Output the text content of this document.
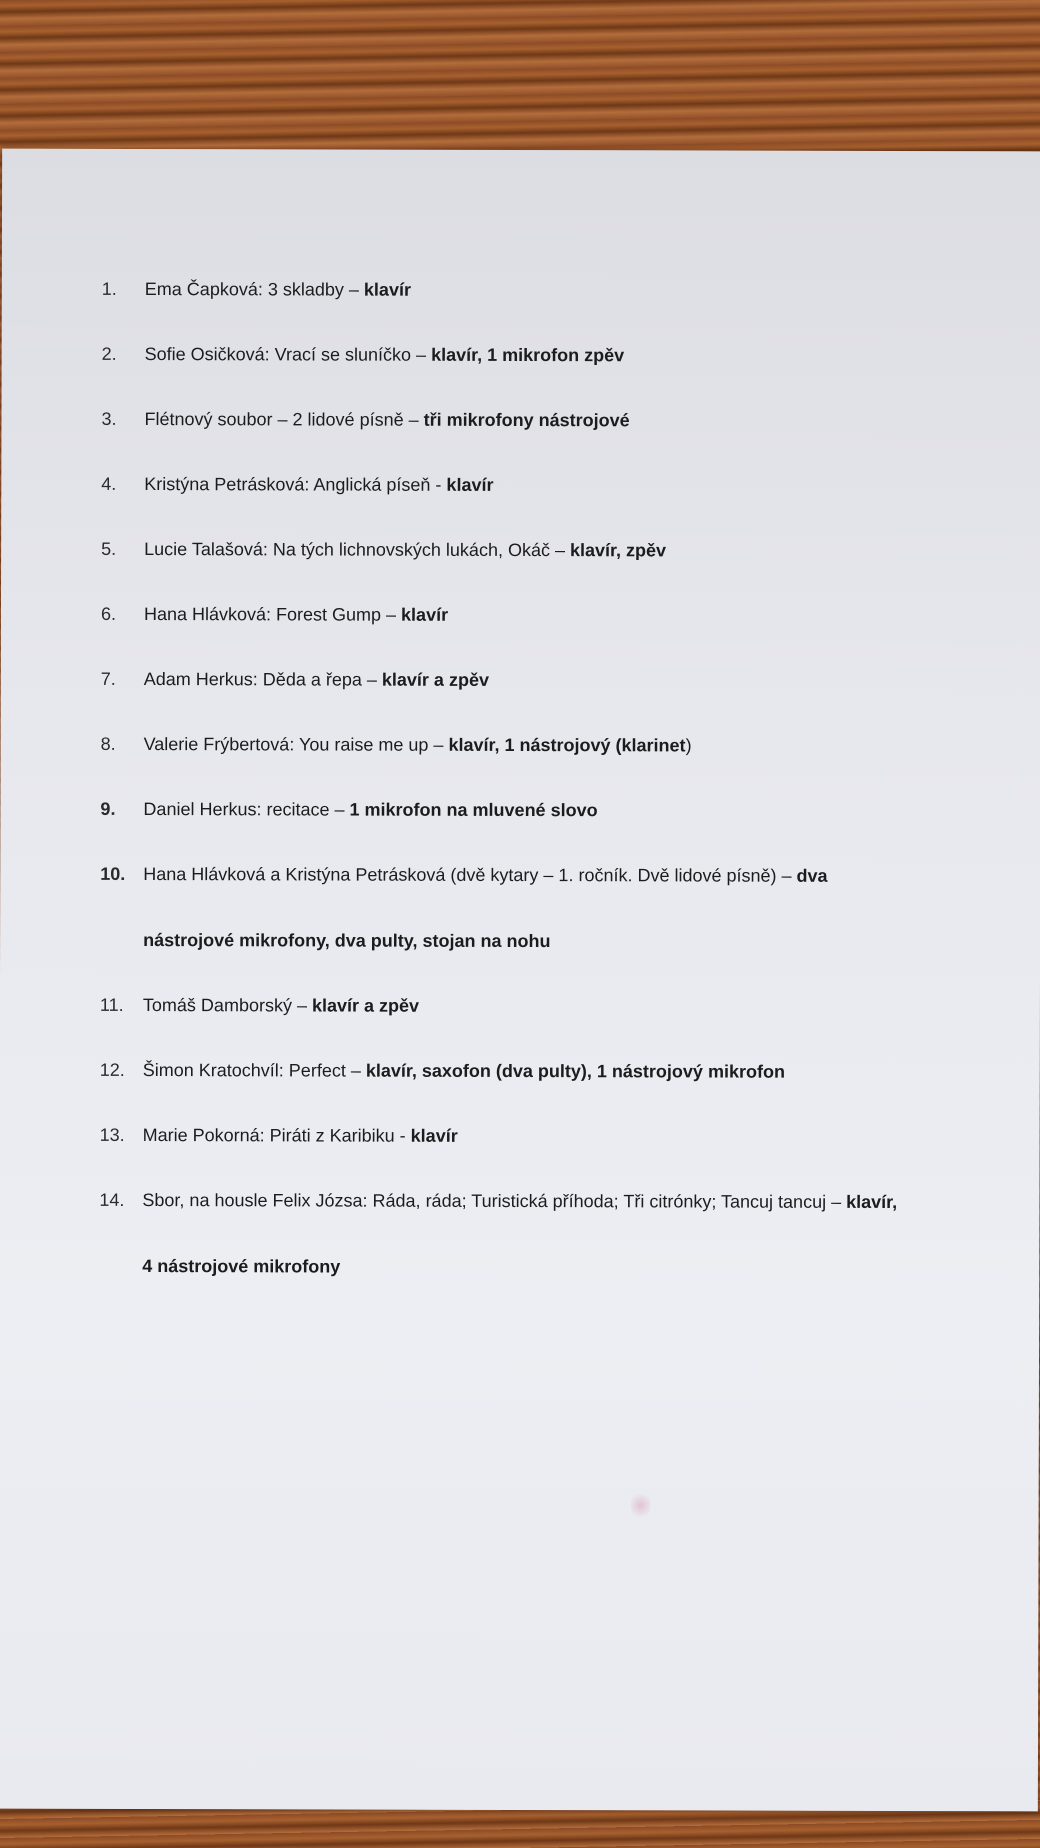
1.	Ema Čapková: 3 skladby – klavír
2.	Sofie Osičková: Vrací se sluníčko – klavír, 1 mikrofon zpěv
3.	Flétnový soubor – 2 lidové písně – tři mikrofony nástrojové
4.	Kristýna Petrásková: Anglická píseň - klavír
5.	Lucie Talašová: Na tých lichnovských lukách, Okáč – klavír, zpěv
6.	Hana Hlávková: Forest Gump – klavír
7.	Adam Herkus: Děda a řepa – klavír a zpěv
8.	Valerie Frýbertová: You raise me up – klavír, 1 nástrojový (klarinet)
9.	Daniel Herkus: recitace – 1 mikrofon na mluvené slovo
10. Hana Hlávková a Kristýna Petrásková (dvě kytary – 1. ročník. Dvě lidové písně) – dva
nástrojové mikrofony, dva pulty, stojan na nohu
11.	Tomáš Damborský – klavír a zpěv
12. Šimon Kratochvíl: Perfect – klavír, saxofon (dva pulty), 1 nástrojový mikrofon
13. Marie Pokorná: Piráti z Karibiku - klavír
14. Sbor, na housle Felix Józsa: Ráda, ráda; Turistická příhoda; Tři citrónky; Tancuj tancuj – klavír,
4 nástrojové mikrofony
